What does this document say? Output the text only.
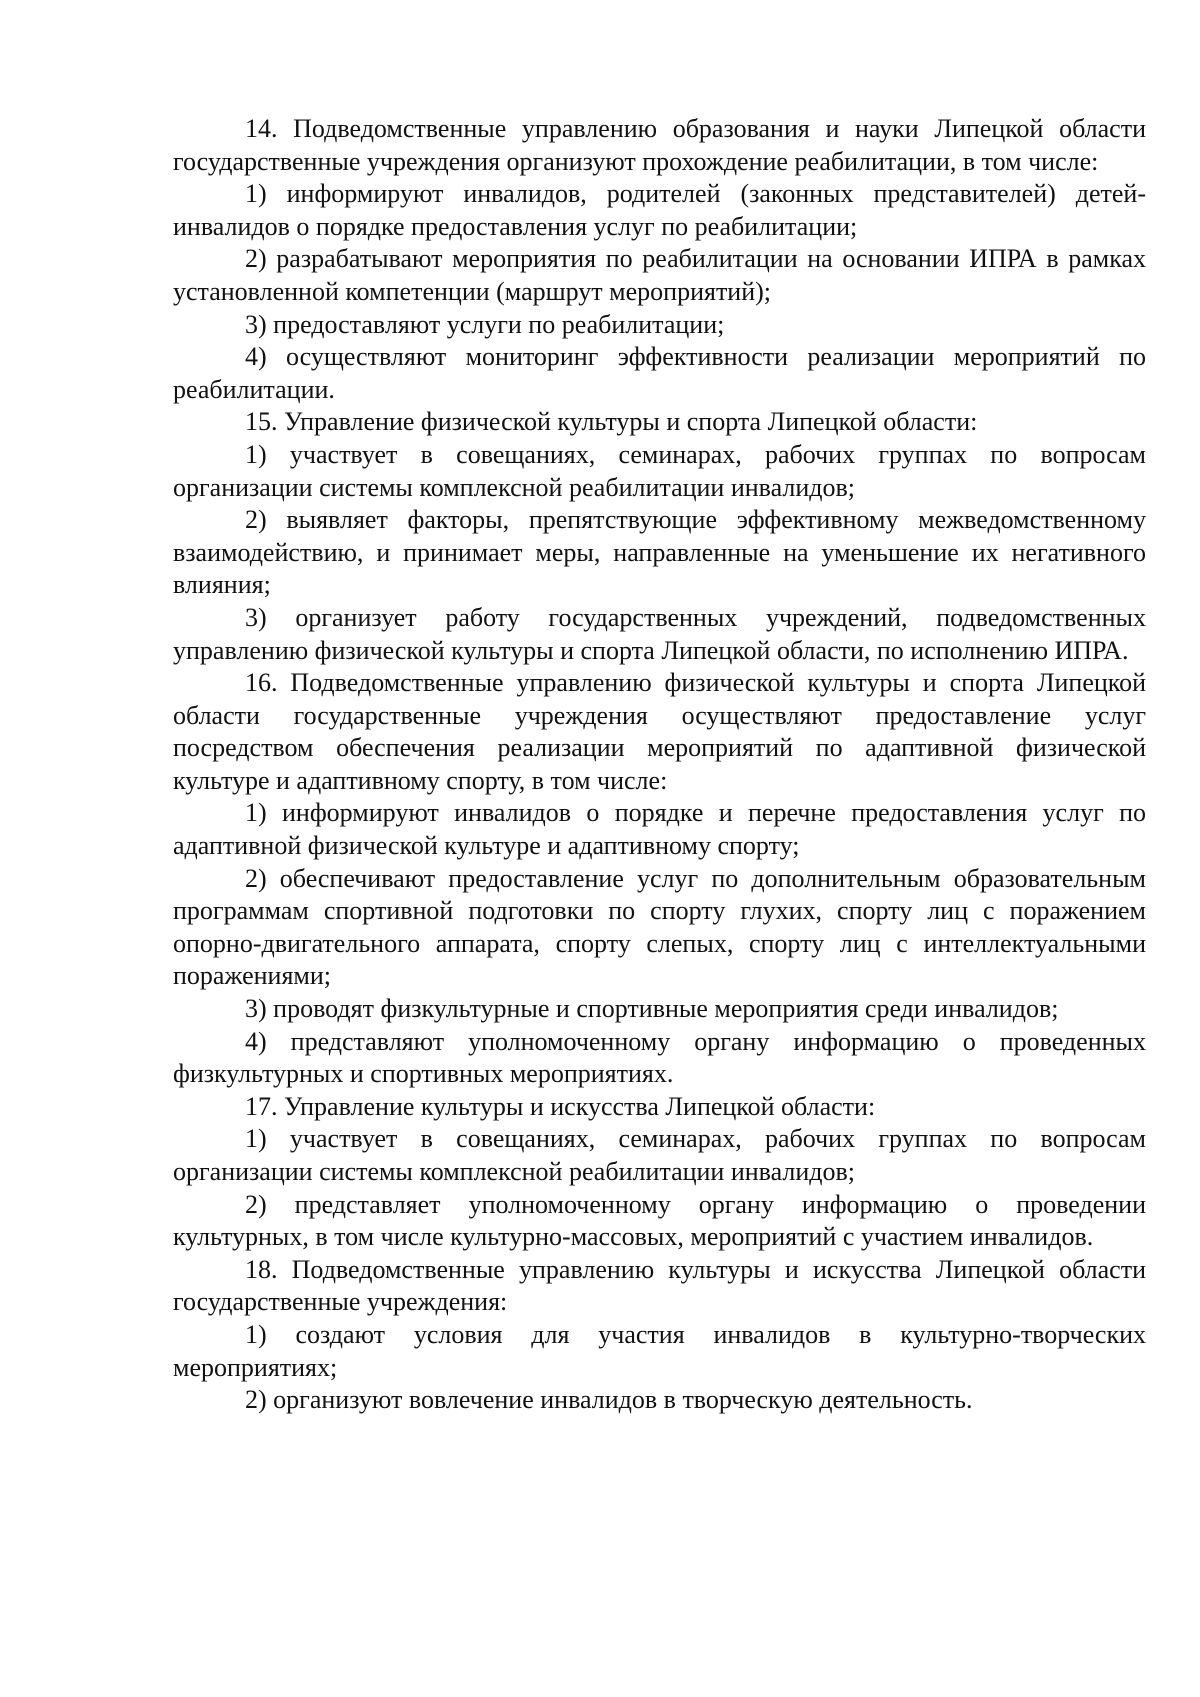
14. Подведомственные управлению образования и науки Липецкой области государственные учреждения организуют прохождение реабилитации, в том числе:

1) информируют инвалидов, родителей (законных представителей) детей-инвалидов о порядке предоставления услуг по реабилитации;

2) разрабатывают мероприятия по реабилитации на основании ИПРА в рамках установленной компетенции (маршрут мероприятий);

3) предоставляют услуги по реабилитации;

4) осуществляют мониторинг эффективности реализации мероприятий по реабилитации.

15. Управление физической культуры и спорта Липецкой области:

1) участвует в совещаниях, семинарах, рабочих группах по вопросам организации системы комплексной реабилитации инвалидов;

2) выявляет факторы, препятствующие эффективному межведомственному взаимодействию, и принимает меры, направленные на уменьшение их негативного влияния;

3) организует работу государственных учреждений, подведомственных управлению физической культуры и спорта Липецкой области, по исполнению ИПРА.

16. Подведомственные управлению физической культуры и спорта Липецкой области государственные учреждения осуществляют предоставление услуг посредством обеспечения реализации мероприятий по адаптивной физической культуре и адаптивному спорту, в том числе:

1) информируют инвалидов о порядке и перечне предоставления услуг по адаптивной физической культуре и адаптивному спорту;

2) обеспечивают предоставление услуг по дополнительным образовательным программам спортивной подготовки по спорту глухих, спорту лиц с поражением опорно-двигательного аппарата, спорту слепых, спорту лиц с интеллектуальными поражениями;

3) проводят физкультурные и спортивные мероприятия среди инвалидов;

4) представляют уполномоченному органу информацию о проведенных физкультурных и спортивных мероприятиях.

17. Управление культуры и искусства Липецкой области:

1) участвует в совещаниях, семинарах, рабочих группах по вопросам организации системы комплексной реабилитации инвалидов;

2) представляет уполномоченному органу информацию о проведении культурных, в том числе культурно-массовых, мероприятий с участием инвалидов.

18. Подведомственные управлению культуры и искусства Липецкой области государственные учреждения:

1) создают условия для участия инвалидов в культурно-творческих мероприятиях;

2) организуют вовлечение инвалидов в творческую деятельность.
